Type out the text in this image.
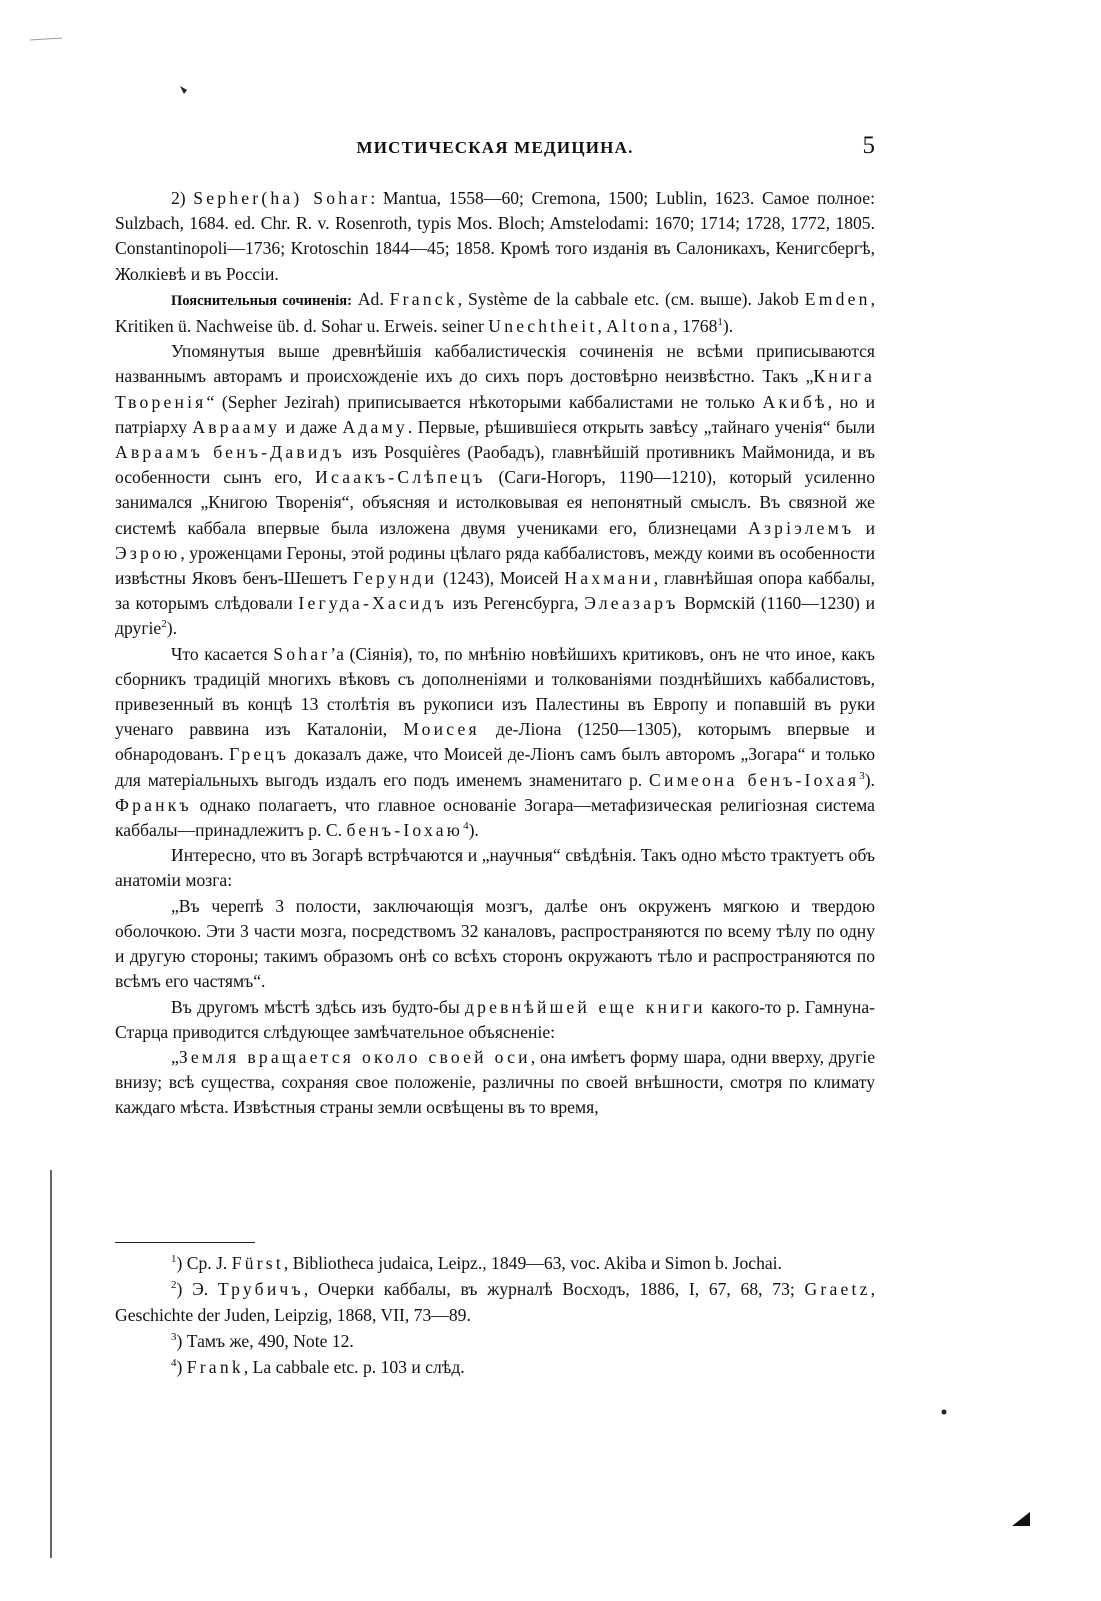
МИСТИЧЕСКАЯ МЕДИЦИНА.	5

2) Sepher(ha) Sohar: Mantua, 1558—60; Cremona, 1500; Lublin, 1623. Самое полное: Sulzbach, 1684. ed. Chr. R. v. Rosenroth, typis Mos. Bloch; Amstelodami: 1670; 1714; 1728, 1772, 1805. Constantinopoli—1736; Krotoschin 1844—45; 1858. Кромѣ того изданія въ Салоникахъ, Кенигсбергѣ, Жолкіевѣ и въ Россіи.

Пояснительныя сочиненія: Ad. Franck, Système de la cabbale etc. (см. выше). Jakob Emden, Kritiken ü. Nachweise üb. d. Sohar u. Erweis. seiner Unechtheit, Altona, 1768$^1$).

Упомянутыя выше древнѣйшія каббалистическія сочиненія не всѣми приписываются названнымъ авторамъ и происхожденіе ихъ до сихъ поръ достовѣрно неизвѣстно. Такъ „Книга Творенія“ (Sepher Jezirah) приписывается нѣкоторыми каббалистами не только Акибѣ, но и патріарху Аврааму и даже Адаму. Первые, рѣшившіеся открыть завѣсу „тайнаго ученія“ были Авраамъ бенъ-Давидъ изъ Posquières (Раобадъ), главнѣйшій противникъ Маймонида, и въ особенности сынъ его, Исаакъ-Слѣпецъ (Саги-Ногоръ, 1190—1210), который усиленно занимался „Книгою Творенія“, объясняя и истолковывая ея непонятный смыслъ. Въ связной же системѣ каббала впервые была изложена двумя учениками его, близнецами Азріэлемъ и Эзрою, уроженцами Героны, этой родины цѣлаго ряда каббалистовъ, между коими въ особенности извѣстны Яковъ бенъ-Шешетъ Герунди (1243), Моисей Нахмани, главнѣйшая опора каббалы, за которымъ слѣдовали Іегуда-Хасидъ изъ Регенсбурга, Элеазаръ Вормскій (1160—1230) и другіе$^2$).

Что касается Sohar’а (Сіянія), то, по мнѣнію новѣйшихъ критиковъ, онъ не что иное, какъ сборникъ традицій многихъ вѣковъ съ дополненіями и толкованіями позднѣйшихъ каббалистовъ, привезенный въ концѣ 13 столѣтія въ рукописи изъ Палестины въ Европу и попавшій въ руки ученаго раввина изъ Каталоніи, Моисея де-Ліона (1250—1305), которымъ впервые и обнародованъ. Грецъ доказалъ даже, что Моисей де-Ліонъ самъ былъ авторомъ „Зогара“ и только для матеріальныхъ выгодъ издалъ его подъ именемъ знаменитаго р. Симеона бенъ-Іохая$^3$). Франкъ однако полагаетъ, что главное основаніе Зогара—метафизическая религіозная система каббалы—принадлежитъ р. С. бенъ-Іохаю$^4$).

Интересно, что въ Зогарѣ встрѣчаются и „научныя“ свѣдѣнія. Такъ одно мѣсто трактуетъ объ анатоміи мозга:

„Въ черепѣ 3 полости, заключающія мозгъ, далѣе онъ окруженъ мягкою и твердою оболочкою. Эти 3 части мозга, посредствомъ 32 каналовъ, распространяются по всему тѣлу по одну и другую стороны; такимъ образомъ онѣ со всѣхъ сторонъ окружаютъ тѣло и распространяются по всѣмъ его частямъ“.

Въ другомъ мѣстѣ здѣсь изъ будто-бы древнѣйшей еще книги какого-то р. Гамнуна-Старца приводится слѣдующее замѣчательное объясненіе:

„Земля вращается около своей оси, она имѣетъ форму шара, одни вверху, другіе внизу; всѣ существа, сохраняя свое положеніе, различны по своей внѣшности, смотря по климату каждаго мѣста. Извѣстныя страны земли освѣщены въ то время,

$^1$) Cp. J. Fürst, Bibliotheca judaica, Leipz., 1849—63, voc. Akiba и Simon b. Jochai.

$^2$) Э. Трубичъ, Очерки каббалы, въ журналѣ Восходъ, 1886, I, 67, 68, 73; Graetz, Geschichte der Juden, Leipzig, 1868, VII, 73—89.

$^3$) Тамъ же, 490, Note 12.

$^4$) Frank, La cabbale etc. p. 103 и слѣд.
